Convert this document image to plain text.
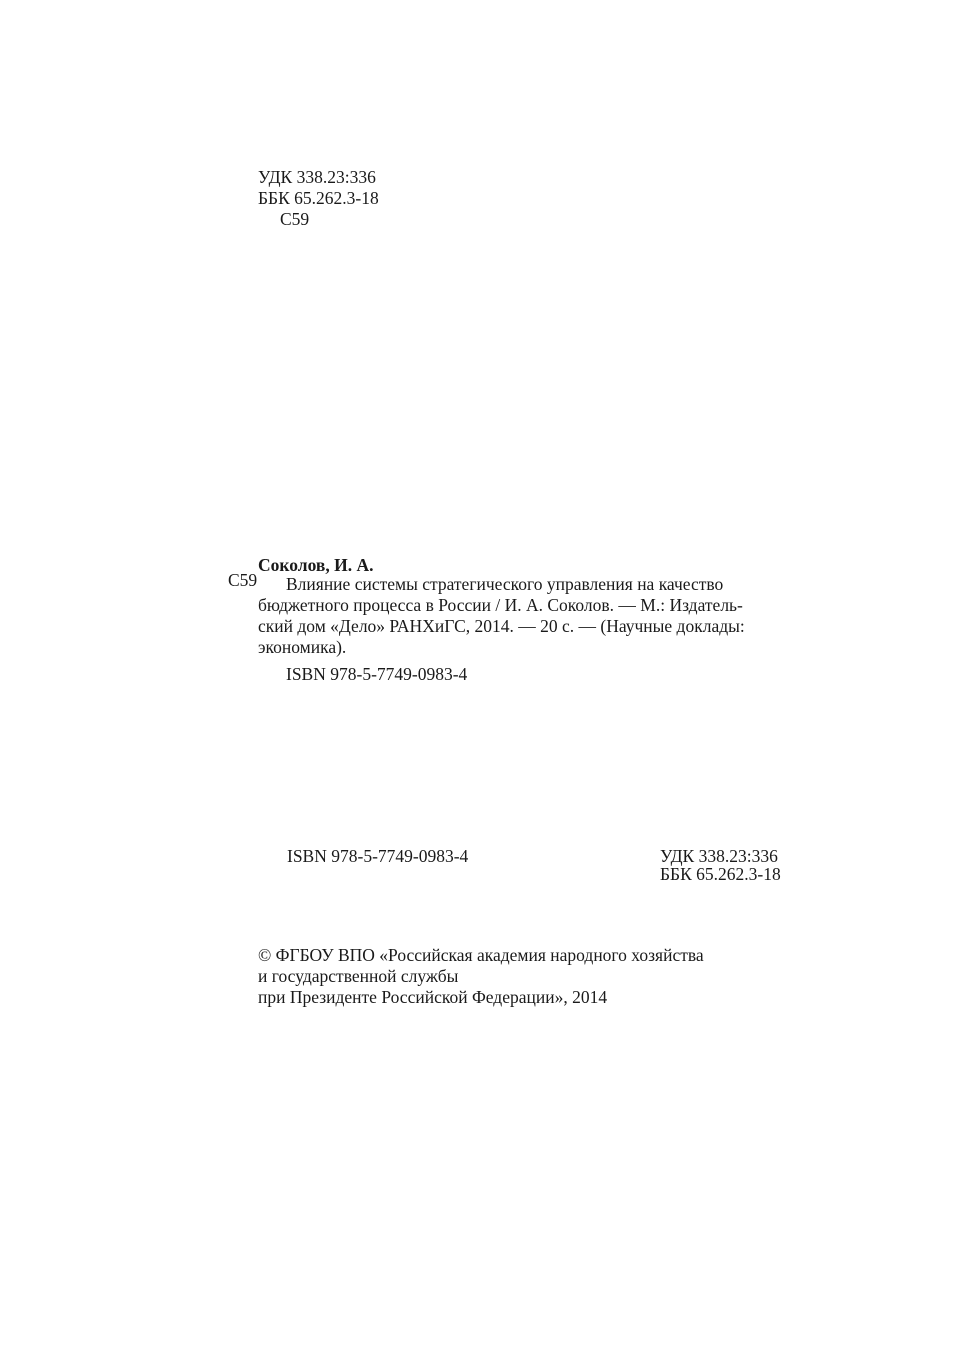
УДК 338.23:336
ББК 65.262.3-18
С59
Соколов, И. А.
С59	Влияние системы стратегического управления на качество
бюджетного процесса в России / И. А. Соколов. — М.: Издатель-
ский дом «Дело» РАНХиГС, 2014. — 20 с. — (Научные доклады:
экономика).
ISBN 978-5-7749-0983-4
ISBN 978-5-7749-0983-4	УДК 338.23:336
ББК 65.262.3-18
© ФГБОУ ВПО «Российская академия народного хозяйства
и государственной службы
при Президенте Российской Федерации», 2014
